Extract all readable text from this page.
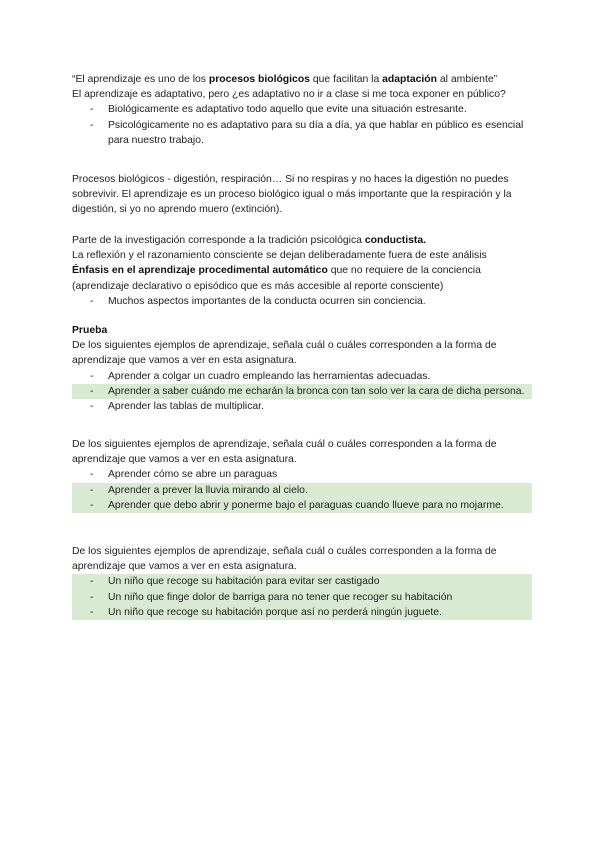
“El aprendizaje es uno de los procesos biológicos que facilitan la adaptación al ambiente”

El aprendizaje es adaptativo, pero ¿es adaptativo no ir a clase si me toca exponer en público?

- Biológicamente es adaptativo todo aquello que evite una situación estresante.
- Psicológicamente no es adaptativo para su día a día, ya que hablar en público es esencial para nuestro trabajo.

Procesos biológicos - digestión, respiración… Si no respiras y no haces la digestión no puedes sobrevivir. El aprendizaje es un proceso biológico igual o más importante que la respiración y la digestión, si yo no aprendo muero (extinción).

Parte de la investigación corresponde a la tradición psicológica conductista.

La reflexión y el razonamiento consciente se dejan deliberadamente fuera de este análisis

Énfasis en el aprendizaje procedimental automático que no requiere de la conciencia (aprendizaje declarativo o episódico que es más accesible al reporte consciente)

- Muchos aspectos importantes de la conducta ocurren sin conciencia.

Prueba

De los siguientes ejemplos de aprendizaje, señala cuál o cuáles corresponden a la forma de aprendizaje que vamos a ver en esta asignatura.

- Aprender a colgar un cuadro empleando las herramientas adecuadas.
- Aprender a saber cuándo me echarán la bronca con tan solo ver la cara de dicha persona.
- Aprender las tablas de multiplicar.

De los siguientes ejemplos de aprendizaje, señala cuál o cuáles corresponden a la forma de aprendizaje que vamos a ver en esta asignatura.

- Aprender cómo se abre un paraguas
- Aprender a prever la lluvia mirando al cielo.
- Aprender que debo abrir y ponerme bajo el paraguas cuando llueve para no mojarme.

De los siguientes ejemplos de aprendizaje, señala cuál o cuáles corresponden a la forma de aprendizaje que vamos a ver en esta asignatura.

- Un niño que recoge su habitación para evitar ser castigado
- Un niño que finge dolor de barriga para no tener que recoger su habitación
- Un niño que recoge su habitación porque así no perderá ningún juguete.
